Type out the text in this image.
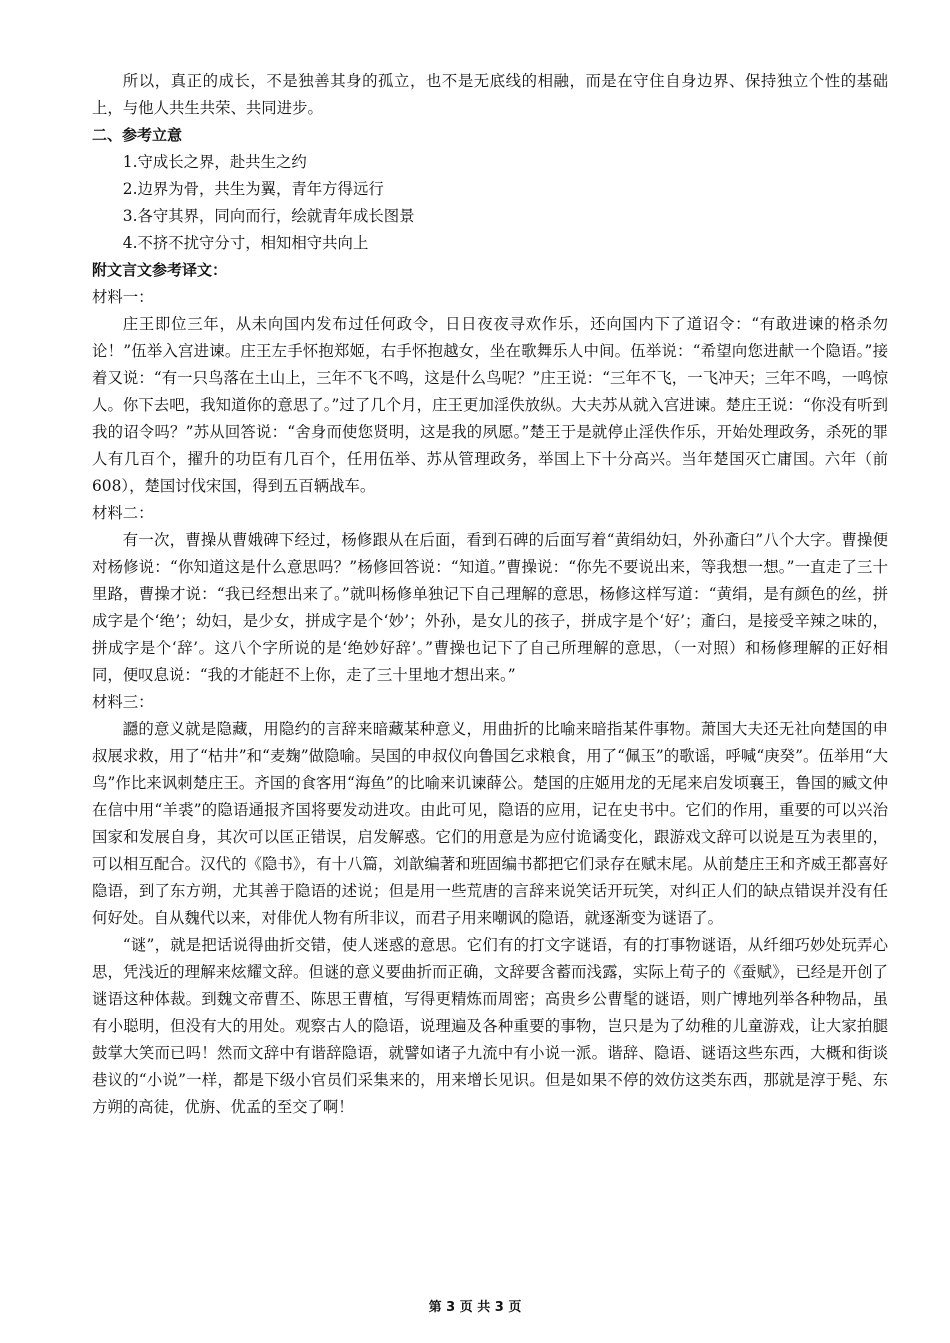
所以，真正的成长，不是独善其身的孤立，也不是无底线的相融，而是在守住自身边界、保持独立个性的基础上，与他人共生共荣、共同进步。

二、参考立意

1.守成长之界，赴共生之约

2.边界为骨，共生为翼，青年方得远行

3.各守其界，同向而行，绘就青年成长图景

4.不挤不扰守分寸，相知相守共向上

附文言文参考译文：

材料一：

庄王即位三年，从未向国内发布过任何政令，日日夜夜寻欢作乐，还向国内下了道诏令：“有敢进谏的格杀勿论！”伍举入宫进谏。庄王左手怀抱郑姬，右手怀抱越女，坐在歌舞乐人中间。伍举说：“希望向您进献一个隐语。”接着又说：“有一只鸟落在土山上，三年不飞不鸣，这是什么鸟呢？”庄王说：“三年不飞，一飞冲天；三年不鸣，一鸣惊人。你下去吧，我知道你的意思了。”过了几个月，庄王更加淫佚放纵。大夫苏从就入宫进谏。楚庄王说：“你没有听到我的诏令吗？”苏从回答说：“舍身而使您贤明，这是我的夙愿。”楚王于是就停止淫佚作乐，开始处理政务，杀死的罪人有几百个，擢升的功臣有几百个，任用伍举、苏从管理政务，举国上下十分高兴。当年楚国灭亡庸国。六年（前608），楚国讨伐宋国，得到五百辆战车。

材料二：

有一次，曹操从曹娥碑下经过，杨修跟从在后面，看到石碑的后面写着“黄绢幼妇，外孙齑臼”八个大字。曹操便对杨修说：“你知道这是什么意思吗？”杨修回答说：“知道。”曹操说：“你先不要说出来，等我想一想。”一直走了三十里路，曹操才说：“我已经想出来了。”就叫杨修单独记下自己理解的意思，杨修这样写道：“黄绢，是有颜色的丝，拼成字是个‘绝’；幼妇，是少女，拼成字是个‘妙’；外孙，是女儿的孩子，拼成字是个‘好’；齑臼，是接受辛辣之味的，拼成字是个‘辞’。这八个字所说的是‘绝妙好辞’。”曹操也记下了自己所理解的意思，（一对照）和杨修理解的正好相同，便叹息说：“我的才能赶不上你，走了三十里地才想出来。”

材料三：

讔的意义就是隐藏，用隐约的言辞来暗藏某种意义，用曲折的比喻来暗指某件事物。萧国大夫还无社向楚国的申叔展求救，用了“枯井”和“麦麹”做隐喻。吴国的申叔仪向鲁国乞求粮食，用了“佩玉”的歌谣，呼喊“庚癸”。伍举用“大鸟”作比来讽刺楚庄王。齐国的食客用“海鱼”的比喻来讥谏薛公。楚国的庄姬用龙的无尾来启发顷襄王，鲁国的臧文仲在信中用“羊裘”的隐语通报齐国将要发动进攻。由此可见，隐语的应用，记在史书中。它们的作用，重要的可以兴治国家和发展自身，其次可以匡正错误，启发解惑。它们的用意是为应付诡谲变化，跟游戏文辞可以说是互为表里的，可以相互配合。汉代的《隐书》，有十八篇，刘歆编著和班固编书都把它们录存在赋末尾。从前楚庄王和齐威王都喜好隐语，到了东方朔，尤其善于隐语的述说；但是用一些荒唐的言辞来说笑话开玩笑，对纠正人们的缺点错误并没有任何好处。自从魏代以来，对俳优人物有所非议，而君子用来嘲讽的隐语，就逐渐变为谜语了。

“谜”，就是把话说得曲折交错，使人迷惑的意思。它们有的打文字谜语，有的打事物谜语，从纤细巧妙处玩弄心思，凭浅近的理解来炫耀文辞。但谜的意义要曲折而正确，文辞要含蓄而浅露，实际上荀子的《蚕赋》，已经是开创了谜语这种体裁。到魏文帝曹丕、陈思王曹植，写得更精炼而周密；高贵乡公曹髦的谜语，则广博地列举各种物品，虽有小聪明，但没有大的用处。观察古人的隐语，说理遍及各种重要的事物，岂只是为了幼稚的儿童游戏，让大家拍腿鼓掌大笑而已吗！然而文辞中有谐辞隐语，就譬如诸子九流中有小说一派。谐辞、隐语、谜语这些东西，大概和街谈巷议的“小说”一样，都是下级小官员们采集来的，用来增长见识。但是如果不停的效仿这类东西，那就是淳于髡、东方朔的高徒，优旃、优孟的至交了啊！

第 3 页 共 3 页
